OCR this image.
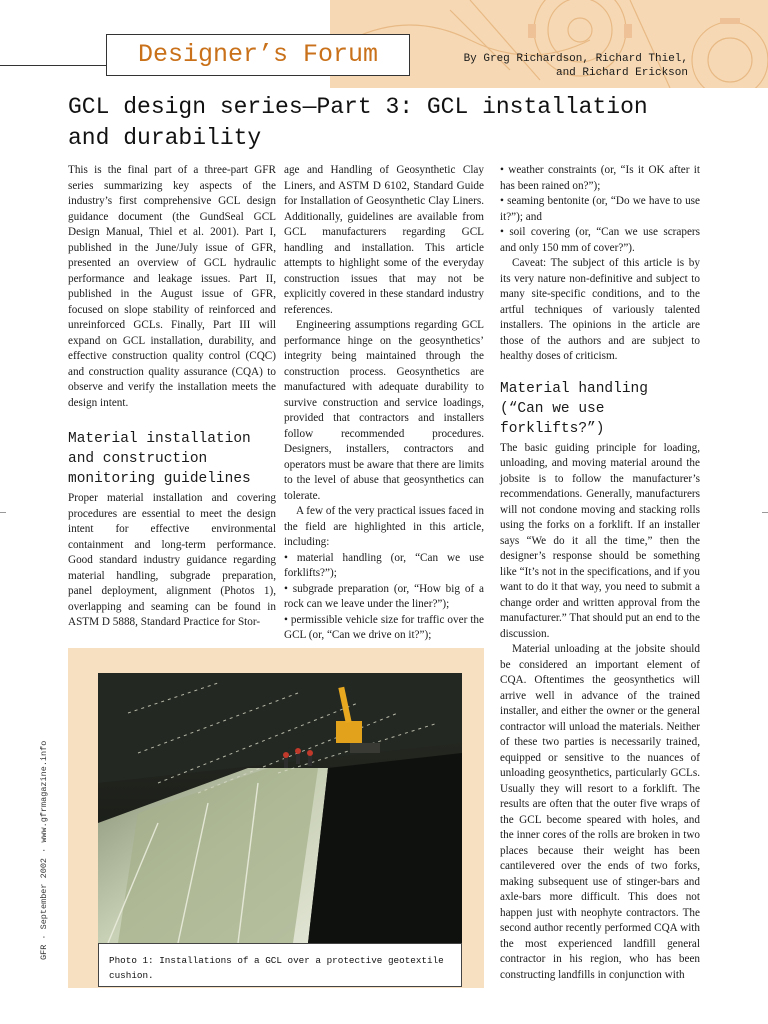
Designer’s Forum	By Greg Richardson, Richard Thiel,
and Richard Erickson
GCL design series—Part 3: GCL installation and durability

This is the final part of a three-part GFR series summarizing key aspects of the industry’s first comprehensive GCL design guidance document (the GundSeal GCL Design Manual, Thiel et al. 2001). Part I, published in the June/July issue of GFR, presented an overview of GCL hydraulic performance and leakage issues. Part II, published in the August issue of GFR, focused on slope stability of reinforced and unreinforced GCLs. Finally, Part III will expand on GCL installation, durability, and effective construction quality control (CQC) and construction quality assurance (CQA) to observe and verify the installation meets the design intent.

Material installation and construction monitoring guidelines

Proper material installation and covering procedures are essential to meet the design intent for effective environmental containment and long-term performance. Good standard industry guidance regarding material handling, subgrade preparation, panel deployment, alignment (Photos 1), overlapping and seaming can be found in ASTM D 5888, Standard Practice for Stor-

age and Handling of Geosynthetic Clay Liners, and ASTM D 6102, Standard Guide for Installation of Geosynthetic Clay Liners. Additionally, guidelines are available from GCL manufacturers regarding GCL handling and installation. This article attempts to highlight some of the everyday construction issues that may not be explicitly covered in these standard industry references.

Engineering assumptions regarding GCL performance hinge on the geosynthetics’ integrity being maintained through the construction process. Geosynthetics are manufactured with adequate durability to survive construction and service loadings, provided that contractors and installers follow recommended procedures. Designers, installers, contractors and operators must be aware that there are limits to the level of abuse that geosynthetics can tolerate.

A few of the very practical issues faced in the field are highlighted in this article, including:

• material handling (or, “Can we use forklifts?”);

• subgrade preparation (or, “How big of a rock can we leave under the liner?”);

• permissible vehicle size for traffic over the GCL (or, “Can we drive on it?”);

• weather constraints (or, “Is it OK after it has been rained on?”);

• seaming bentonite (or, “Do we have to use it?”); and

• soil covering (or, “Can we use scrapers and only 150 mm of cover?”).

Caveat: The subject of this article is by its very nature non-definitive and subject to many site-specific conditions, and to the artful techniques of variously talented installers. The opinions in the article are those of the authors and are subject to healthy doses of criticism.

Material handling (“Can we use forklifts?”)

The basic guiding principle for loading, unloading, and moving material around the jobsite is to follow the manufacturer’s recommendations. Generally, manufacturers will not condone moving and stacking rolls using the forks on a forklift. If an installer says “We do it all the time,” then the designer’s response should be something like “It’s not in the specifications, and if you want to do it that way, you need to submit a change order and written approval from the manufacturer.” That should put an end to the discussion.

Material unloading at the jobsite should be considered an important element of CQA. Oftentimes the geosynthetics will arrive well in advance of the trained installer, and either the owner or the general contractor will unload the materials. Neither of these two parties is necessarily trained, equipped or sensitive to the nuances of unloading geosynthetics, particularly GCLs. Usually they will resort to a forklift. The results are often that the outer five wraps of the GCL become speared with holes, and the inner cores of the rolls are broken in two places because their weight has been cantilevered over the ends of two forks, making subsequent use of stinger-bars and axle-bars more difficult. This does not happen just with neophyte contractors. The second author recently performed CQA with the most experienced landfill general contractor in his region, who has been constructing landfills in conjunction with

Photo 1: Installations of a GCL over a protective geotextile cushion.
GFR · September 2002 · www.gfrmagazine.info
